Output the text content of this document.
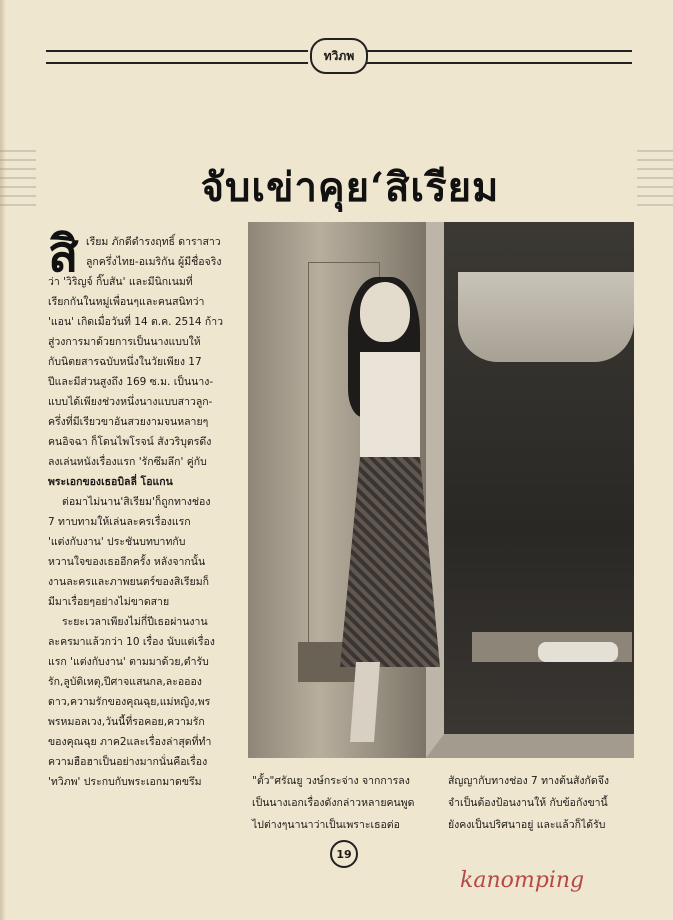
ทวิภพ
จับเข่าคุย‘สิเรียม
สิ เรียม ภักดีดำรงฤทธิ์ ดาราสาว

ลูกครึ่งไทย-อเมริกัน ผู้มีชื่อจริง

ว่า 'วิริญจ์ กิ๊บสัน' และมีนิกเนมที่

เรียกกันในหมู่เพื่อนๆและคนสนิทว่า

'แอน' เกิดเมื่อวันที่ 14 ต.ค. 2514 ก้าว

สู่วงการมาด้วยการเป็นนางแบบให้

กับนิตยสารฉบับหนึ่งในวัยเพียง 17

ปีและมีส่วนสูงถึง 169 ซ.ม. เป็นนาง-

แบบได้เพียงช่วงหนึ่งนางแบบสาวลูก-

ครึ่งที่มีเรียวขาอันสวยงามจนหลายๆ

คนอิจฉา ก็โดนไพโรจน์ สังวริบุตรดึง

ลงเล่นหนังเรื่องแรก 'รักซึมลึก' คู่กับ

พระเอกของเธอบิลลี่ โอแกน

ต่อมาไม่นาน'สิเรียม'ก็ถูกทางช่อง

7 ทาบทามให้เล่นละครเรื่องแรก

'แต่งกับงาน' ประชันบทบาทกับ

หวานใจของเธออีกครั้ง หลังจากนั้น

งานละครและภาพยนตร์ของสิเรียมก็

มีมาเรื่อยๆอย่างไม่ขาดสาย

ระยะเวลาเพียงไม่กี่ปีเธอผ่านงาน

ละครมาแล้วกว่า 10 เรื่อง นับแต่เรื่อง

แรก 'แต่งกับงาน' ตามมาด้วย,ตำรับ

รัก,ลูบัติเหตุ,ปีศาจแสนกล,ละอออง

ดาว,ความรักของคุณฉุย,แม่หญิง,พร

พรหมอลเวง,วันนี้ที่รอคอย,ความรัก

ของคุณฉุย ภาค2และเรื่องล่าสุดที่ทำ

ความฮือฮาเป็นอย่างมากนั่นคือเรื่อง

'ทวิภพ' ประกบกับพระเอกมาดขรึม	"ตั้ว"ศรัณยู วงษ์กระจ่าง จากการลง

เป็นนางเอกเรื่องดังกล่าวหลายคนพูด

ไปต่างๆนานาว่าเป็นเพราะเธอต่อ

สัญญากับทางช่อง 7 ทางต้นสังกัดจึง

จำเป็นต้องป้อนงานให้ กับข้อกังขานี้

ยังคงเป็นปริศนาอยู่ และแล้วก็ได้รับ

19
kanomping
